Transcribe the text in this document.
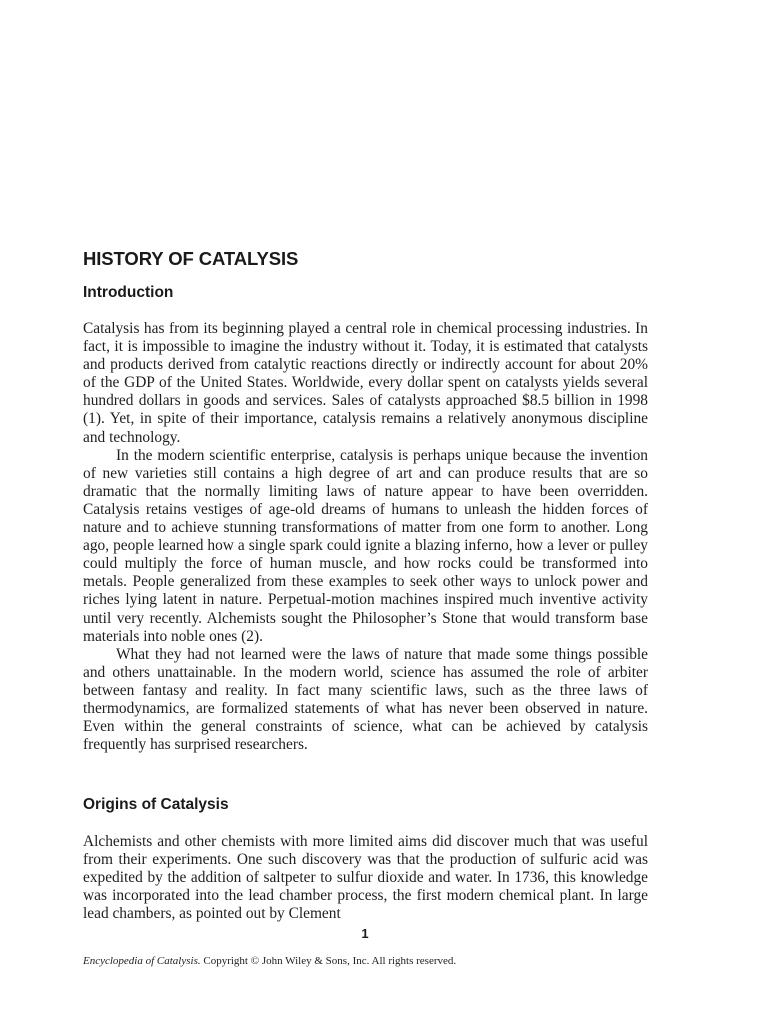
HISTORY OF CATALYSIS
Introduction

Catalysis has from its beginning played a central role in chemical processing industries. In fact, it is impossible to imagine the industry without it. Today, it is estimated that catalysts and products derived from catalytic reactions directly or indirectly account for about 20% of the GDP of the United States. Worldwide, every dollar spent on catalysts yields several hundred dollars in goods and services. Sales of catalysts approached $8.5 billion in 1998 (1). Yet, in spite of their importance, catalysis remains a relatively anonymous discipline and technology.

In the modern scientific enterprise, catalysis is perhaps unique because the invention of new varieties still contains a high degree of art and can produce results that are so dramatic that the normally limiting laws of nature appear to have been overridden. Catalysis retains vestiges of age-old dreams of humans to unleash the hidden forces of nature and to achieve stunning transformations of matter from one form to another. Long ago, people learned how a single spark could ignite a blazing inferno, how a lever or pulley could multiply the force of human muscle, and how rocks could be transformed into metals. People generalized from these examples to seek other ways to unlock power and riches lying latent in nature. Perpetual-motion machines inspired much inventive activity until very recently. Alchemists sought the Philosopher’s Stone that would transform base materials into noble ones (2).

What they had not learned were the laws of nature that made some things possible and others unattainable. In the modern world, science has assumed the role of arbiter between fantasy and reality. In fact many scientific laws, such as the three laws of thermodynamics, are formalized statements of what has never been observed in nature. Even within the general constraints of science, what can be achieved by catalysis frequently has surprised researchers.

Origins of Catalysis

Alchemists and other chemists with more limited aims did discover much that was useful from their experiments. One such discovery was that the production of sulfuric acid was expedited by the addition of saltpeter to sulfur dioxide and water. In 1736, this knowledge was incorporated into the lead chamber process, the first modern chemical plant. In large lead chambers, as pointed out by Clement

1

Encyclopedia of Catalysis. Copyright © John Wiley & Sons, Inc. All rights reserved.
